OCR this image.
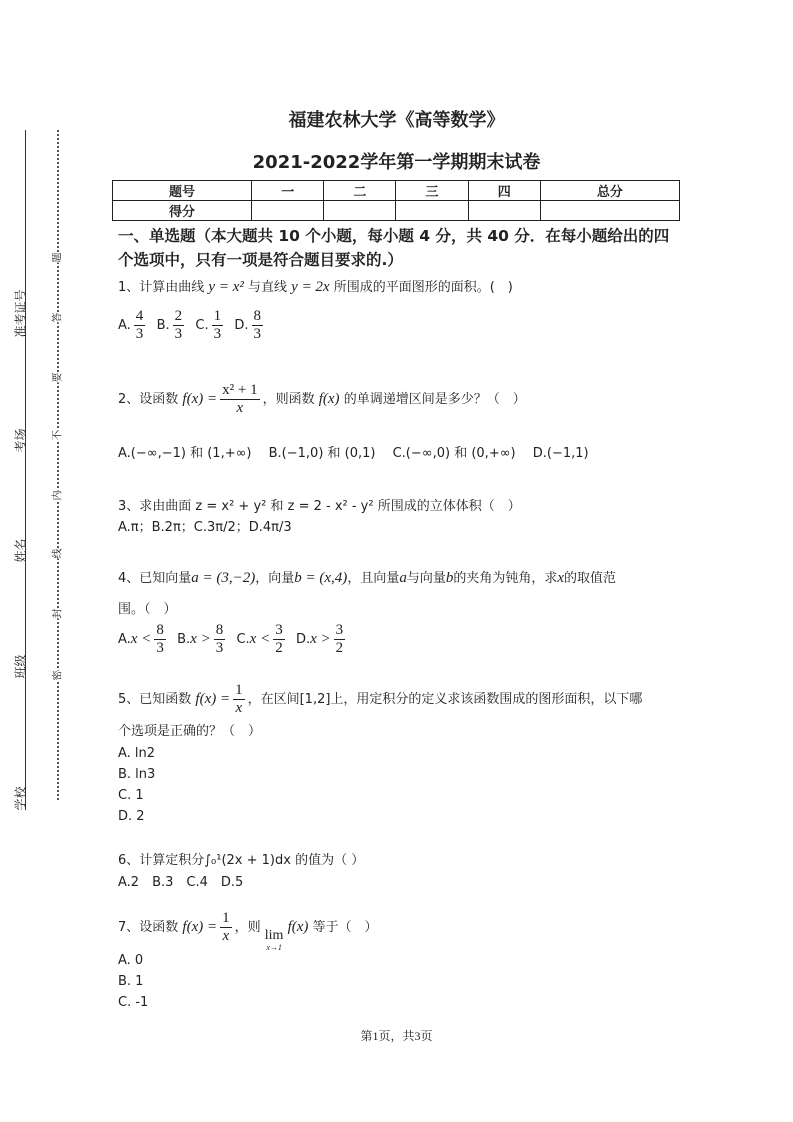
学校
班级
姓名
考场
准考证号
密
封
线
内
不
要
答
题
福建农林大学《高等数学》
2021-2022学年第一学期期末试卷
题号	一	二	三	四	总分
得分					
一、单选题（本大题共 10 个小题，每小题 4 分，共 40 分．在每小题给出的四
个选项中，只有一项是符合题目要求的.）
1、计算由曲线 y = x² 与直线 y = 2x 所围成的平面图形的面积。(　)
A. $\frac{4}{3} B$. $\frac{2}{3} C$. $\frac{1}{3} D$. $\frac{8}{3}$
2、设函数 $f(x) = \frac{\text{x² + 1}}{x}$ ，则函数 f(x) 的单调递增区间是多少？（　）
A.(−∞,−1) 和 (1,+∞)　 B.(−1,0) 和 (0,1)　 C.(−∞,0) 和 (0,+∞)　 D.(−1,1)
3、求由曲面 z = x² + y² 和 z = 2 - x² - y² 所围成的立体体积（　）
A.π；B.2π；C.3π/2；D.4π/3
4、已知向量a = (3,−2)，向量b = (x,4)，且向量a与向量b的夹角为钝角，求x的取值范
围。（　）
$A.x < \frac{8}{3} B.x > \frac{8}{3} C.x < \frac{3}{2} D.x > \frac{3}{2}$
5、已知函数 $f(x) = \frac{1}{x}$ ，在区间[1,2]上，用定积分的定义求该函数围成的图形面积，以下哪
个选项是正确的？（　）
A. ln2
B. ln3
C. 1
D. 2
6、计算定积分∫₀¹(2x + 1)dx 的值为（ ）
A.2　B.3　C.4　D.5
7、设函数 $f(x) = \frac{1}{x}$ ，则
lim
x→1
f(x) 等于（　）
A. 0
B. 1
C. -1
第1页，共3页
